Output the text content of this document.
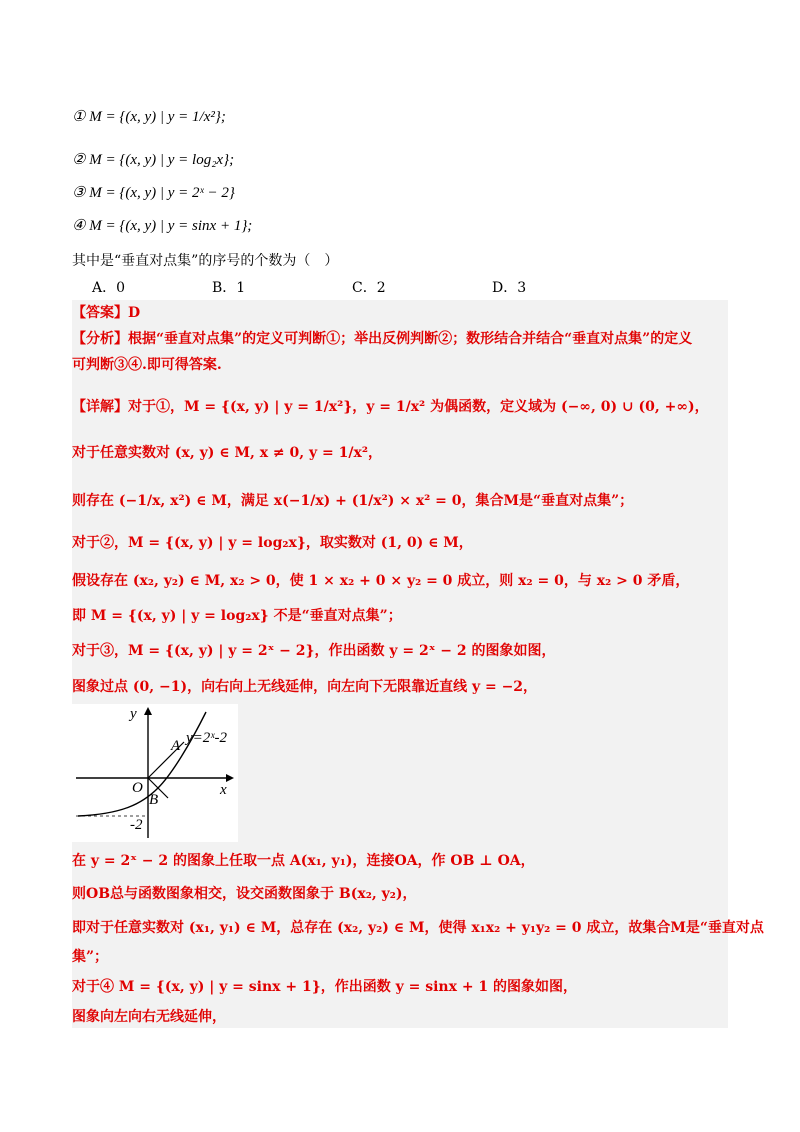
① M = {(x, y) | y = 1/x²};
② M = {(x, y) | y = log₂x};
③ M = {(x, y) | y = 2ˣ − 2}
④ M = {(x, y) | y = sinx + 1};
其中是“垂直对点集”的序号的个数为（　）
A．0	B．1	C．2	D．3
【答案】D
【分析】根据“垂直对点集”的定义可判断①；举出反例判断②；数形结合并结合“垂直对点集”的定义
可判断③④.即可得答案.
【详解】对于①，M = {(x, y) | y = 1/x²}，y = 1/x² 为偶函数，定义域为 (−∞, 0) ∪ (0, +∞)，
对于任意实数对 (x, y) ∈ M, x ≠ 0, y = 1/x²，
则存在 (−1/x, x²) ∈ M，满足 x(−1/x) + (1/x²) × x² = 0，集合M是“垂直对点集”；
对于②，M = {(x, y) | y = log₂x}，取实数对 (1, 0) ∈ M，
假设存在 (x₂, y₂) ∈ M, x₂ > 0，使 1 × x₂ + 0 × y₂ = 0 成立，则 x₂ = 0，与 x₂ > 0 矛盾，
即 M = {(x, y) | y = log₂x} 不是“垂直对点集”；
对于③，M = {(x, y) | y = 2ˣ − 2}，作出函数 y = 2ˣ − 2 的图象如图，
图象过点 (0, −1)，向右向上无线延伸，向左向下无限靠近直线 y = −2，
y
x
O
A
B
y=2ˣ-2
-2
在 y = 2ˣ − 2 的图象上任取一点 A(x₁, y₁)，连接OA，作 OB ⊥ OA，
则OB总与函数图象相交，设交函数图象于 B(x₂, y₂)，
即对于任意实数对 (x₁, y₁) ∈ M，总存在 (x₂, y₂) ∈ M，使得 x₁x₂ + y₁y₂ = 0 成立，故集合M是“垂直对点
集”；
对于④ M = {(x, y) | y = sinx + 1}，作出函数 y = sinx + 1 的图象如图，
图象向左向右无线延伸，
